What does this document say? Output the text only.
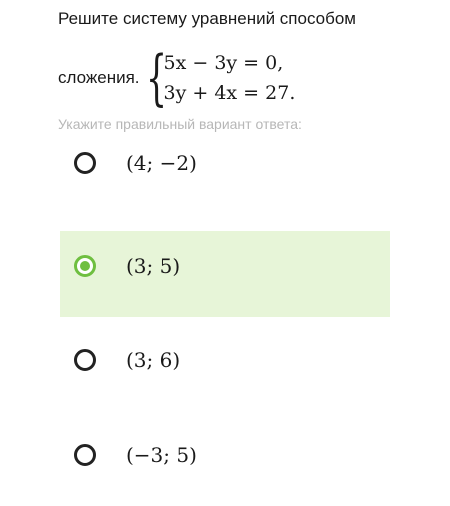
Решите систему уравнений способом
сложения. {
5x − 3y = 0,
3y + 4x = 27.
Укажите правильный вариант ответа:
(4; −2)
(3; 5)
(3; 6)
(−3; 5)
